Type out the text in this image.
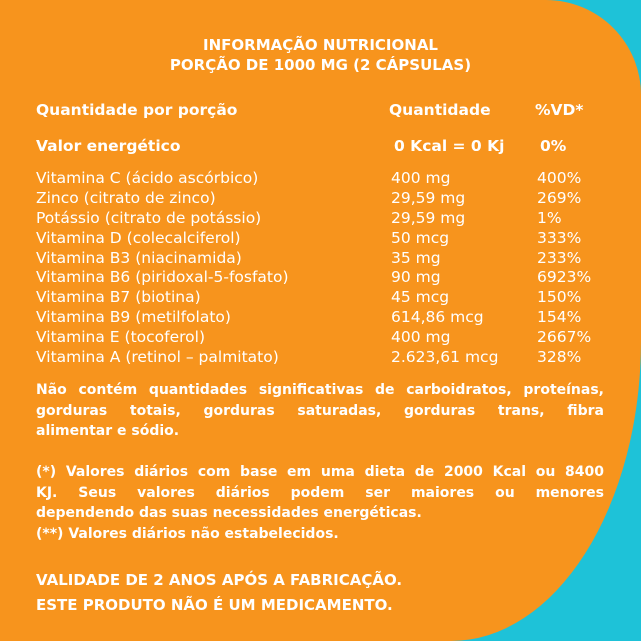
INFORMAÇÃO NUTRICIONAL
PORÇÃO DE 1000 MG (2 CÁPSULAS)
Quantidade por porção	Quantidade	%VD*
Valor energético	0 Kcal = 0 Kj 0%
Vitamina C (ácido ascórbico)	400 mg	400%
Zinco (citrato de zinco)	29,59 mg	269%
Potássio (citrato de potássio)	29,59 mg	1%
Vitamina D (colecalciferol)	50 mcg	333%
Vitamina B3 (niacinamida)	35 mg	233%
Vitamina B6 (piridoxal-5-fosfato)	90 mg	6923%
Vitamina B7 (biotina)	45 mcg	150%
Vitamina B9 (metilfolato)	614,86 mcg	154%
Vitamina E (tocoferol)	400 mg	2667%
Vitamina A (retinol – palmitato)	2.623,61 mcg 328%
Não contém quantidades significativas de carboidratos, proteínas,
gorduras totais, gorduras saturadas, gorduras trans, fibra
alimentar e sódio.
(*) Valores diários com base em uma dieta de 2000 Kcal ou 8400
KJ. Seus valores diários podem ser maiores ou menores
dependendo das suas necessidades energéticas.
(**) Valores diários não estabelecidos.
VALIDADE DE 2 ANOS APÓS A FABRICAÇÃO.
ESTE PRODUTO NÃO É UM MEDICAMENTO.
